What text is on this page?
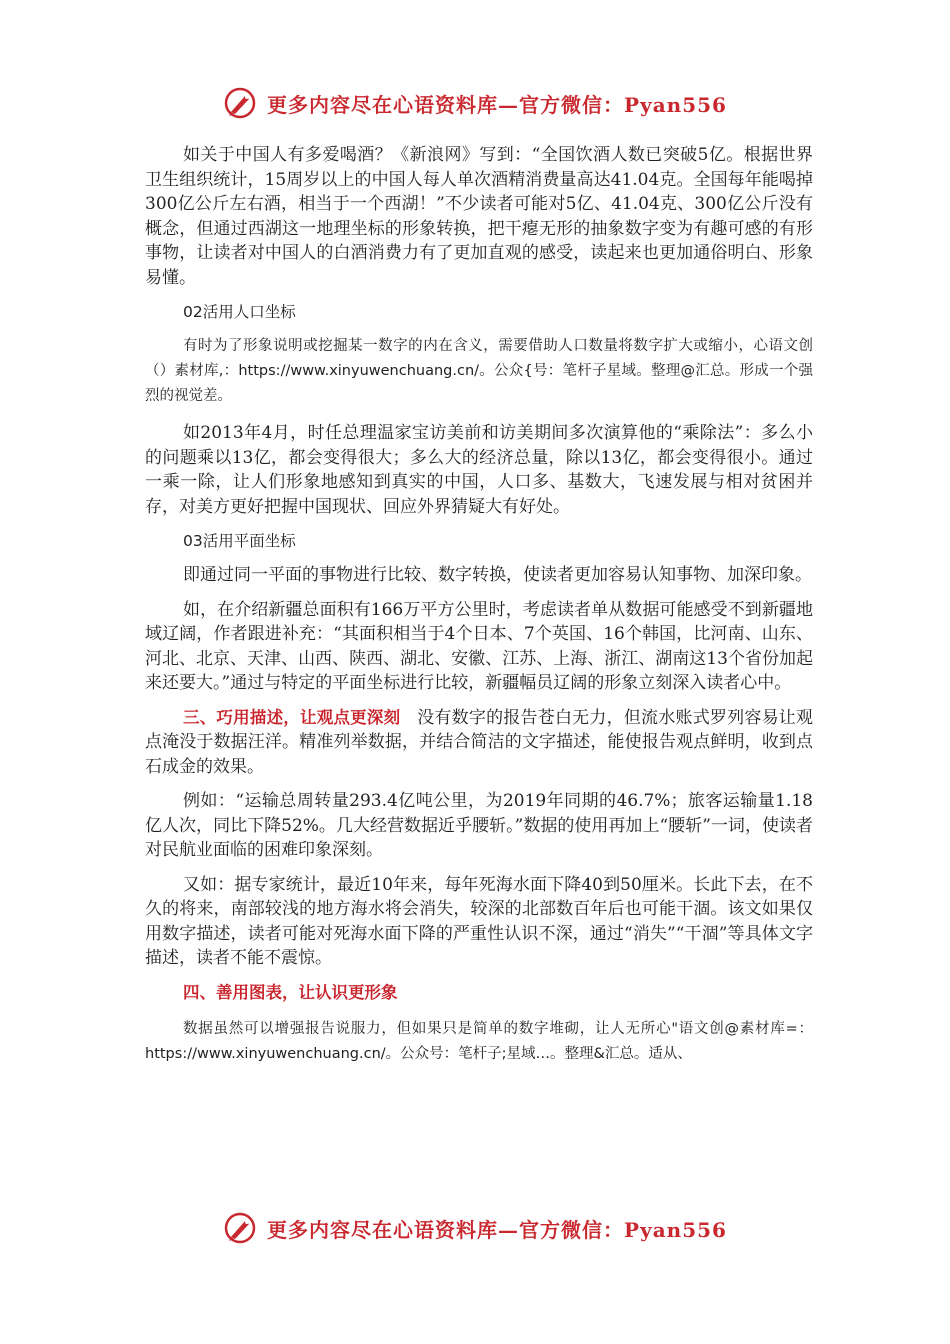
更多内容尽在心语资料库—官方微信：Pyan556

如关于中国人有多爱喝酒？《新浪网》写到：“全国饮酒人数已突破5亿。根据世界卫生组织统计，15周岁以上的中国人每人单次酒精消费量高达41.04克。全国每年能喝掉300亿公斤左右酒，相当于一个西湖！”不少读者可能对5亿、41.04克、300亿公斤没有概念，但通过西湖这一地理坐标的形象转换，把干瘪无形的抽象数字变为有趣可感的有形事物，让读者对中国人的白酒消费力有了更加直观的感受，读起来也更加通俗明白、形象易懂。

02活用人口坐标

有时为了形象说明或挖掘某一数字的内在含义，需要借助人口数量将数字扩大或缩小，心语文创（）素材库,：https://www.xinyuwenchuang.cn/。公众{号：笔杆子星域。整理@汇总。形成一个强烈的视觉差。

如2013年4月，时任总理温家宝访美前和访美期间多次演算他的“乘除法”：多么小的问题乘以13亿，都会变得很大；多么大的经济总量，除以13亿，都会变得很小。通过一乘一除，让人们形象地感知到真实的中国，人口多、基数大，飞速发展与相对贫困并存，对美方更好把握中国现状、回应外界猜疑大有好处。

03活用平面坐标

即通过同一平面的事物进行比较、数字转换，使读者更加容易认知事物、加深印象。

如，在介绍新疆总面积有166万平方公里时，考虑读者单从数据可能感受不到新疆地域辽阔，作者跟进补充：“其面积相当于4个日本、7个英国、16个韩国，比河南、山东、河北、北京、天津、山西、陕西、湖北、安徽、江苏、上海、浙江、湖南这13个省份加起来还要大。”通过与特定的平面坐标进行比较，新疆幅员辽阔的形象立刻深入读者心中。

三、巧用描述，让观点更深刻 没有数字的报告苍白无力，但流水账式罗列容易让观点淹没于数据汪洋。精准列举数据，并结合简洁的文字描述，能使报告观点鲜明，收到点石成金的效果。

例如：“运输总周转量293.4亿吨公里，为2019年同期的46.7%；旅客运输量1.18亿人次，同比下降52%。几大经营数据近乎腰斩。”数据的使用再加上“腰斩”一词，使读者对民航业面临的困难印象深刻。

又如：据专家统计，最近10年来，每年死海水面下降40到50厘米。长此下去，在不久的将来，南部较浅的地方海水将会消失，较深的北部数百年后也可能干涸。该文如果仅用数字描述，读者可能对死海水面下降的严重性认识不深，通过“消失”“干涸”等具体文字描述，读者不能不震惊。

四、善用图表，让认识更形象

数据虽然可以增强报告说服力，但如果只是简单的数字堆砌，让人无所心"语文创@素材库=：https://www.xinyuwenchuang.cn/。公众号：笔杆子;星域…。整理&汇总。适从、

更多内容尽在心语资料库—官方微信：Pyan556
